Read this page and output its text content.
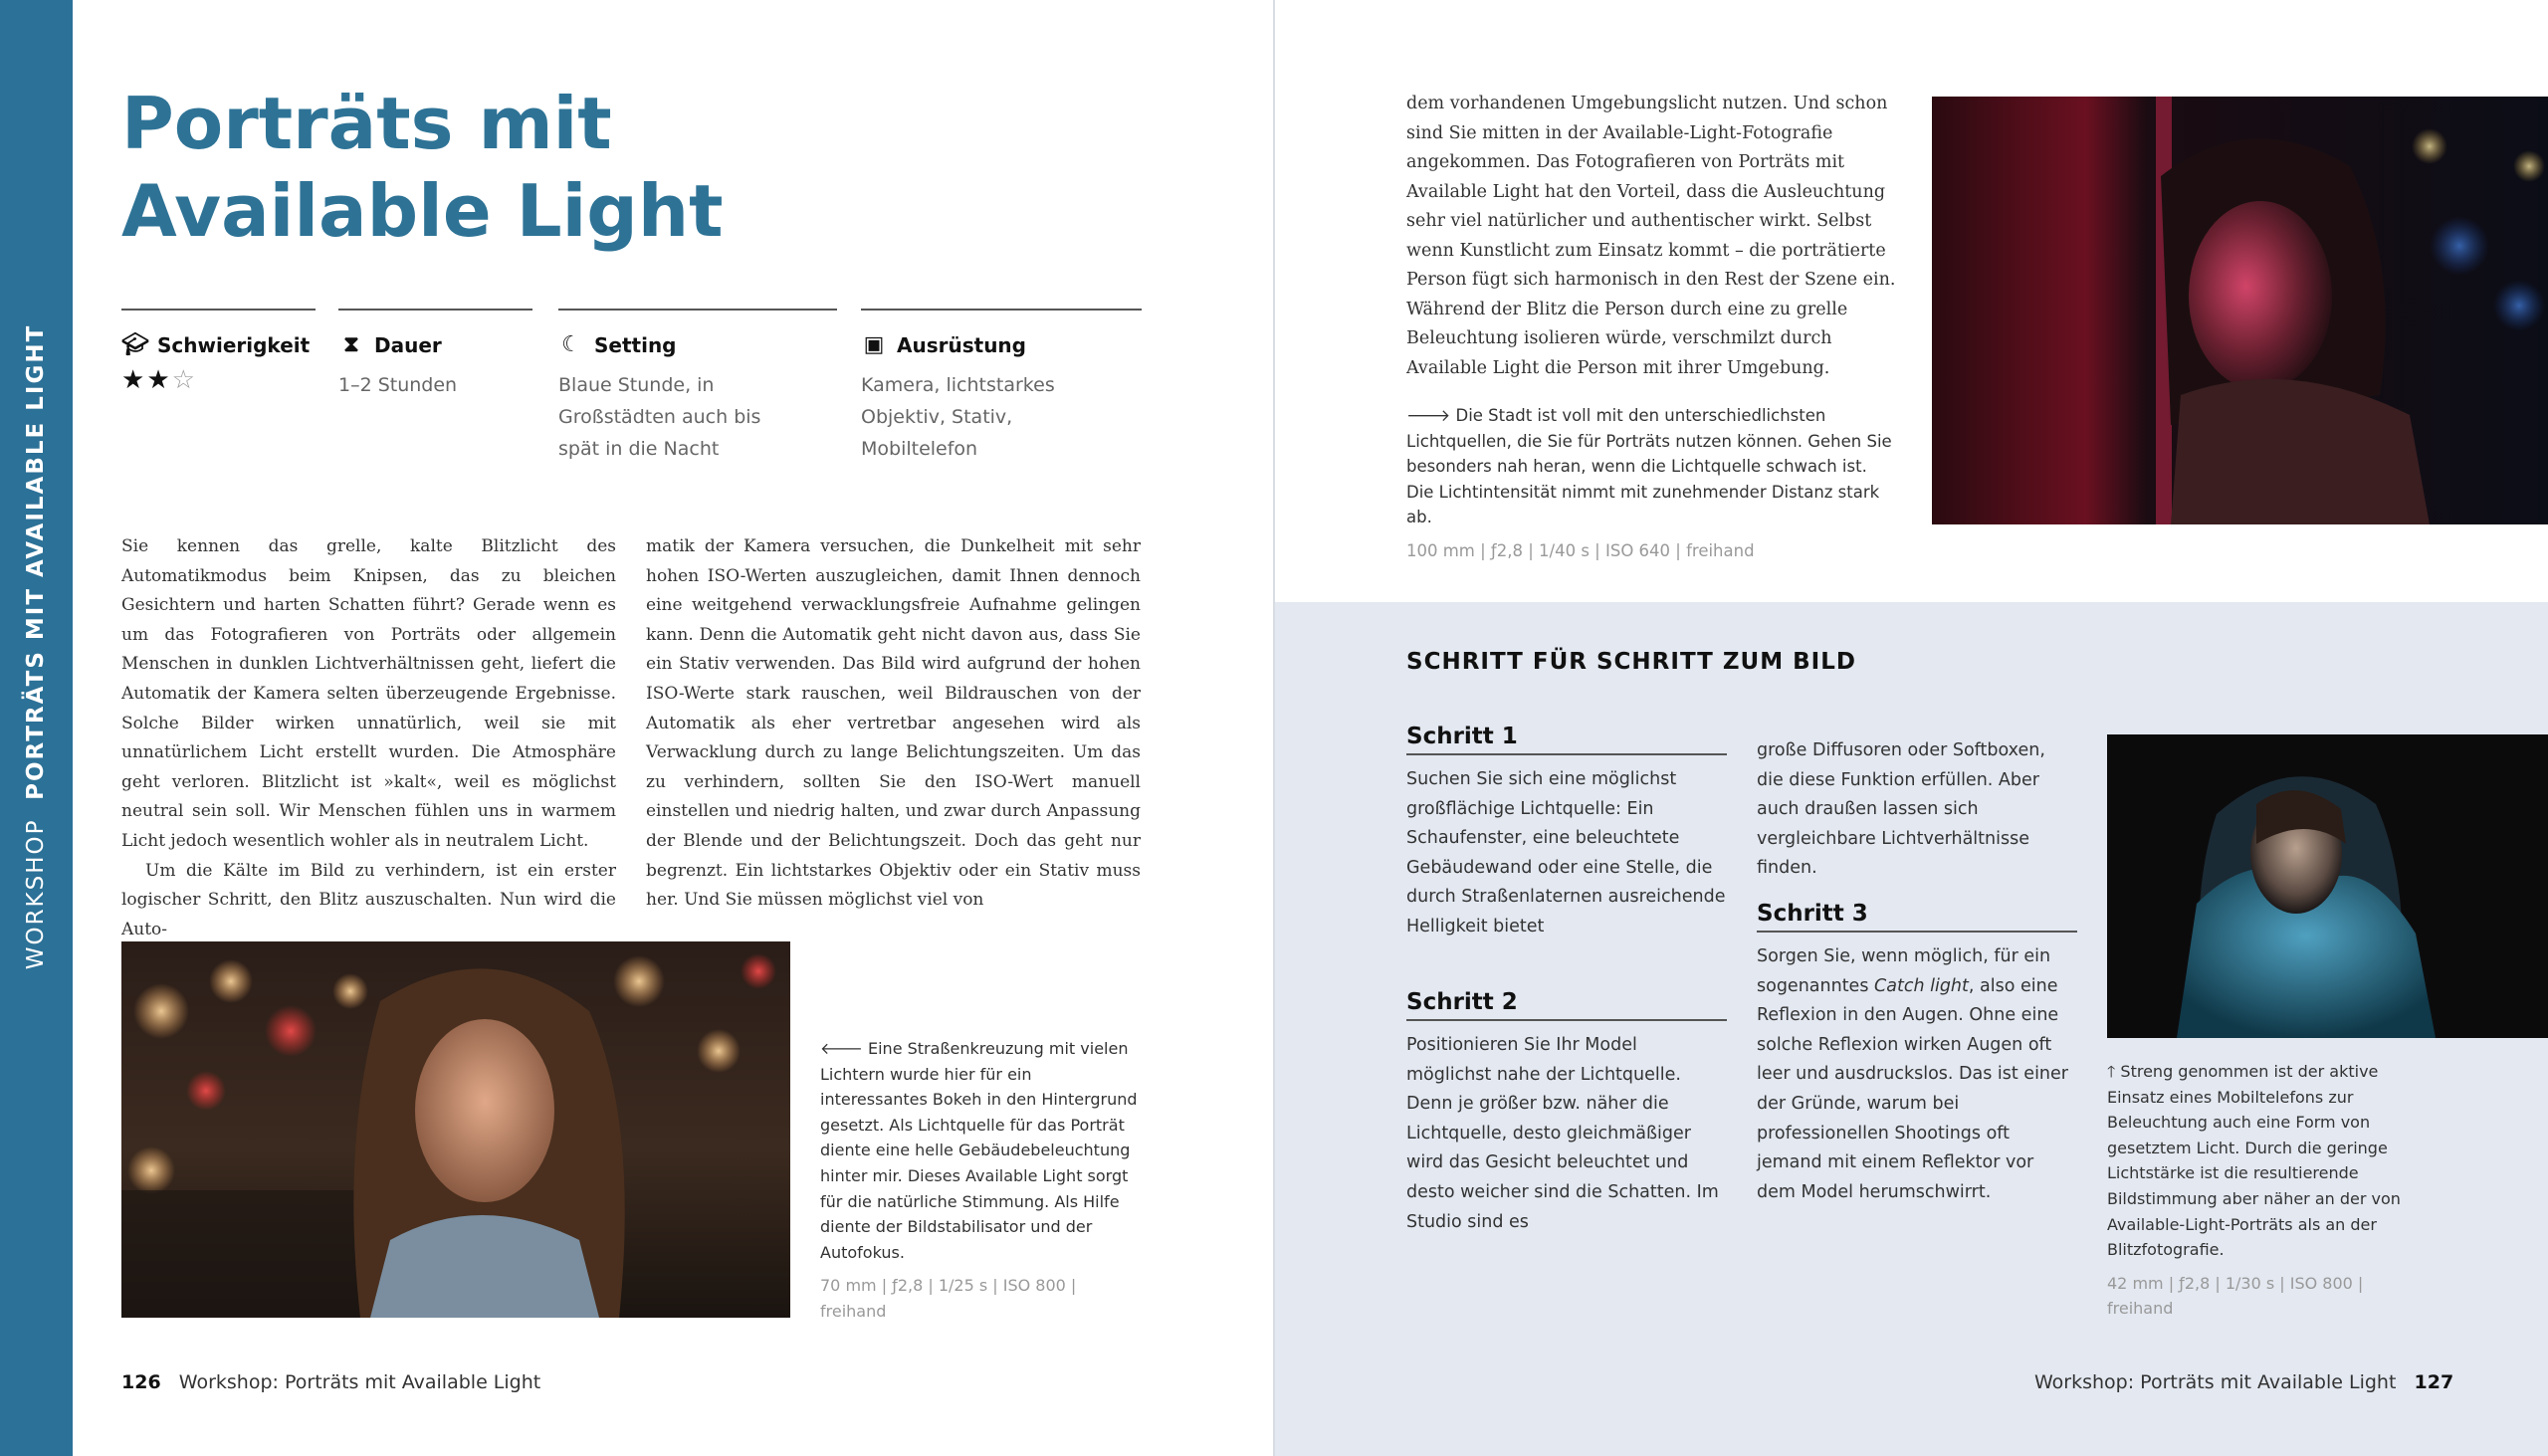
WORKSHOP  PORTRÄTS MIT AVAILABLE LIGHT
Porträts mit
Available Light
🎓︎ Schwierigkeit
★★☆
⧗ Dauer
1–2 Stunden
☾ Setting
Blaue Stunde, in Großstädten auch bis spät in die Nacht
▣ Ausrüstung
Kamera, lichtstarkes Objektiv, Stativ, Mobiltelefon

Sie kennen das grelle, kalte Blitzlicht des Automatikmodus beim Knipsen, das zu bleichen Gesichtern und harten Schatten führt? Gerade wenn es um das Fotografieren von Porträts oder allgemein Menschen in dunklen Lichtverhältnissen geht, liefert die Automatik der Kamera selten überzeugende Ergebnisse. Solche Bilder wirken unnatürlich, weil sie mit unnatürlichem Licht erstellt wurden. Die Atmosphäre geht verloren. Blitzlicht ist »kalt«, weil es möglichst neutral sein soll. Wir Menschen fühlen uns in warmem Licht jedoch wesentlich wohler als in neutralem Licht.

Um die Kälte im Bild zu verhindern, ist ein erster logischer Schritt, den Blitz auszuschalten. Nun wird die Auto-

matik der Kamera versuchen, die Dunkelheit mit sehr hohen ISO-Werten auszugleichen, damit Ihnen dennoch eine weitgehend verwacklungsfreie Aufnahme gelingen kann. Denn die Automatik geht nicht davon aus, dass Sie ein Stativ verwenden. Das Bild wird aufgrund der hohen ISO-Werte stark rauschen, weil Bildrauschen von der Automatik als eher vertretbar angesehen wird als Verwacklung durch zu lange Belichtungszeiten. Um das zu verhindern, sollten Sie den ISO-Wert manuell einstellen und niedrig halten, und zwar durch Anpassung der Blende und der Belichtungszeit. Doch das geht nur begrenzt. Ein lichtstarkes Objektiv oder ein Stativ muss her. Und Sie müssen möglichst viel von

🡐 Eine Straßenkreuzung mit vielen Lichtern wurde hier für ein interessantes Bokeh in den Hintergrund gesetzt. Als Lichtquelle für das Porträt diente eine helle Gebäudebeleuchtung hinter mir. Dieses Available Light sorgt für die natürliche Stimmung. Als Hilfe diente der Bildstabilisator und der Autofokus.
70 mm | ƒ2,8 | 1/25 s | ISO 800 | freihand
126 Workshop: Porträts mit Available Light
dem vorhandenen Umgebungslicht nutzen. Und schon sind Sie mitten in der Available-Light-Fotografie angekommen. Das Fotografieren von Porträts mit Available Light hat den Vorteil, dass die Ausleuchtung sehr viel natürlicher und authentischer wirkt. Selbst wenn Kunstlicht zum Einsatz kommt – die porträtierte Person fügt sich harmonisch in den Rest der Szene ein. Während der Blitz die Person durch eine zu grelle Beleuchtung isolieren würde, verschmilzt durch Available Light die Person mit ihrer Umgebung.
🡒 Die Stadt ist voll mit den unterschiedlichsten Lichtquellen, die Sie für Porträts nutzen können. Gehen Sie besonders nah heran, wenn die Lichtquelle schwach ist. Die Lichtintensität nimmt mit zunehmender Distanz stark ab.
100 mm | ƒ2,8 | 1/40 s | ISO 640 | freihand
SCHRITT FÜR SCHRITT ZUM BILD
Schritt 1
Suchen Sie sich eine möglichst großflächige Lichtquelle: Ein Schaufenster, eine beleuchtete Gebäudewand oder eine Stelle, die durch Straßenlaternen ausreichende Helligkeit bietet
Schritt 2
Positionieren Sie Ihr Model möglichst nahe der Lichtquelle. Denn je größer bzw. näher die Lichtquelle, desto gleichmäßiger wird das Gesicht beleuchtet und desto weicher sind die Schatten. Im Studio sind es
große Diffusoren oder Softboxen, die diese Funktion erfüllen. Aber auch draußen lassen sich vergleichbare Lichtverhältnisse finden.
Schritt 3
Sorgen Sie, wenn möglich, für ein sogenanntes Catch light, also eine Reflexion in den Augen. Ohne eine solche Reflexion wirken Augen oft leer und ausdruckslos. Das ist einer der Gründe, warum bei professionellen Shootings oft jemand mit einem Reflektor vor dem Model herumschwirrt.
🡑 Streng genommen ist der aktive Einsatz eines Mobiltelefons zur Beleuchtung auch eine Form von gesetztem Licht. Durch die geringe Lichtstärke ist die resultierende Bildstimmung aber näher an der von Available-Light-Porträts als an der Blitzfotografie.
42 mm | ƒ2,8 | 1/30 s | ISO 800 | freihand
Workshop: Porträts mit Available Light 127
